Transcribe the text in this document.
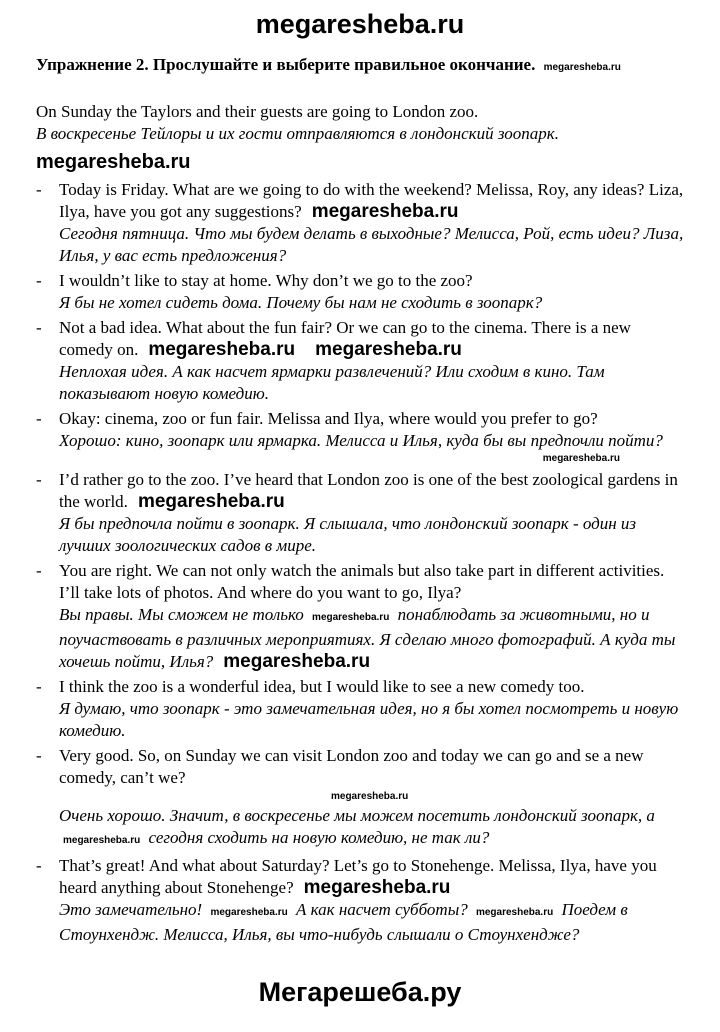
megaresheba.ru
Упражнение 2. Прослушайте и выберите правильное окончание. megaresheba.ru

On Sunday the Taylors and their guests are going to London zoo.

В воскресенье Тейлоры и их гости отправляются в лондонский зоопарк.

megaresheba.ru
-	Today is Friday. What are we going to do with the weekend? Melissa, Roy, any ideas? Liza, Ilya, have you got any suggestions? megaresheba.ru

Сегодня пятница. Что мы будем делать в выходные? Мелисса, Рой, есть идеи? Лиза, Илья, у вас есть предложения?

-	I wouldn’t like to stay at home. Why don’t we go to the zoo?

Я бы не хотел сидеть дома. Почему бы нам не сходить в зоопарк?

-	Not a bad idea. What about the fun fair? Or we can go to the cinema. There is a new comedy on. megaresheba.ru megaresheba.ru

Неплохая идея. А как насчет ярмарки развлечений? Или сходим в кино. Там показывают новую комедию.

-	Okay: cinema, zoo or fun fair. Melissa and Ilya, where would you prefer to go?

Хорошо: кино, зоопарк или ярмарка. Мелисса и Илья, куда бы вы предпочли пойти?

megaresheba.ru
-	I’d rather go to the zoo. I’ve heard that London zoo is one of the best zoological gardens in the world. megaresheba.ru

Я бы предпочла пойти в зоопарк. Я слышала, что лондонский зоопарк - один из лучших зоологических садов в мире.

-	You are right. We can not only watch the animals but also take part in different activities. I’ll take lots of photos. And where do you want to go, Ilya?

Вы правы. Мы сможем не только megaresheba.ru понаблюдать за животными, но и поучаствовать в различных мероприятиях. Я сделаю много фотографий. А куда ты хочешь пойти, Илья? megaresheba.ru

-	I think the zoo is a wonderful idea, but I would like to see a new comedy too.

Я думаю, что зоопарк - это замечательная идея, но я бы хотел посмотреть и новую комедию.

-	Very good. So, on Sunday we can visit London zoo and today we can go and se a new comedy, can’t we?

megaresheba.ru

Очень хорошо. Значит, в воскресенье мы можем посетить лондонский зоопарк, а megaresheba.ru сегодня сходить на новую комедию, не так ли?

-	That’s great! And what about Saturday? Let’s go to Stonehenge. Melissa, Ilya, have you heard anything about Stonehenge? megaresheba.ru

Это замечательно! megaresheba.ru А как насчет субботы? megaresheba.ru Поедем в Стоунхендж. Мелисса, Илья, вы что-нибудь слышали о Стоунхендже?

Мегарешеба.ру
